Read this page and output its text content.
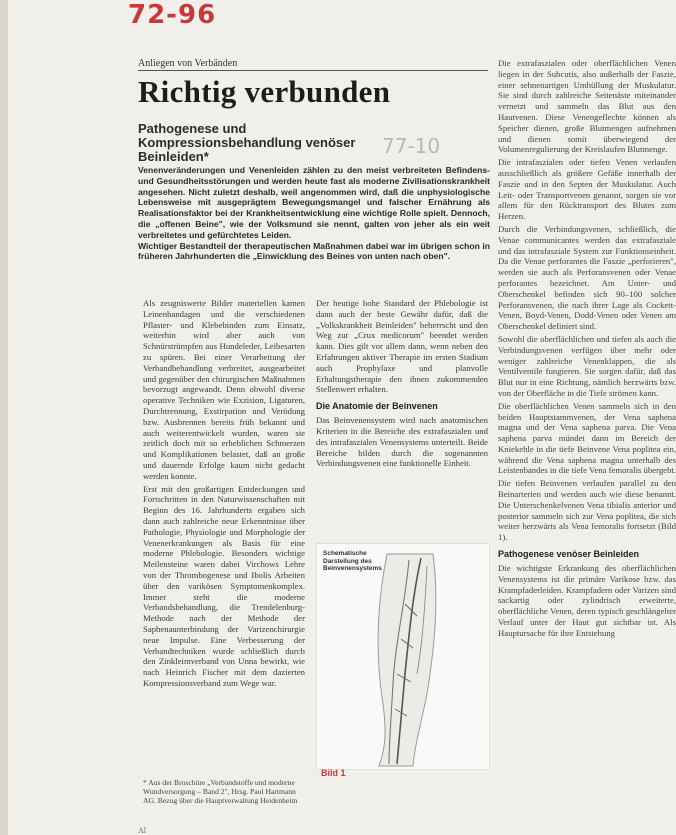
72-96
77-10
Anliegen von Verbänden
Richtig verbunden
Pathogenese und Kompressionsbehandlung venöser Beinleiden*

Venenveränderungen und Venenleiden zählen zu den meist verbreiteten Befindens- und Gesundheitsstörungen und werden heute fast als moderne Zivilisationskrankheit angesehen. Nicht zuletzt deshalb, weil angenommen wird, daß die unphysiologische Lebensweise mit ausgeprägtem Bewegungsmangel und falscher Ernährung als Realisationsfaktor bei der Krankheitsentwicklung eine wichtige Rolle spielt. Dennoch, die „offenen Beine", wie der Volksmund sie nennt, galten von jeher als ein weit verbreitetes und gefürchtetes Leiden.

Wichtiger Bestandteil der therapeutischen Maßnahmen dabei war im übrigen schon in früheren Jahrhunderten die „Einwicklung des Beines von unten nach oben".

Als zeugniswerte Bilder materiellen kamen Leinenbandagen und die verschiedenen Pflaster- und Klebebinden zum Einsatz, weiterhin wird aber auch von Schnürstrümpfen aus Hundeleder, Leibesarten zu spüren. Bei einer Verarbeitung der Verbandbehandlung verbreitet, ausgearbeitet und gegenüber den chirurgischen Maßnahmen bevorzugt angewandt. Denn obwohl diverse operative Techniken wie Exzision, Ligaturen, Durchtrennung, Exstirpation und Verödung bzw. Ausbrennen bereits früh bekannt und auch weiterentwickelt wurden, waren sie zeitlich doch mit so erheblichen Schmerzen und Komplikationen belastet, daß an große und dauernde Erfolge kaum nicht gedacht werden konnte.

Erst mit den großartigen Entdeckungen und Fortschritten in den Naturwissenschaften mit Beginn des 16. Jahrhunderts ergaben sich dann auch zahlreiche neue Erkenntnisse über Pathologie, Physiologie und Morphologie der Venenerkrankungen als Basis für eine moderne Phlebologie. Besonders wichtige Meilensteine waren dabei Virchows Lehre von der Thrombogenese und Ibolis Arbeiten über den varikösen Symptomenkomplex. Immer steht die moderne Verbandsbehandlung, die Trendelenburg-Methode nach der Methode der Saphenaunterbindung der Varizenchirurgie neue Impulse. Eine Verbesserung der Verbandtechniken wurde schließlich durch den Zinkleimverband von Unna bewirkt, wie nach Heinrich Fischer mit dem dazierten Kompressionsverband zum Wege war.

Der heutige hohe Standard der Phlebologie ist dann auch der beste Gewähr dafür, daß die „Volkskrankheit Beinleiden" beherrscht und den Weg zur „Crux medicorum" beendet werden kann. Dies gilt vor allem dann, wenn neben den Erfahrungen aktiver Therapie im ersten Stadium auch Prophylaxe und planvolle Erhaltungstherapie den ihnen zukommenden Stellenwert erhalten.

Die Anatomie der Beinvenen

Das Beinvenensystem wird nach anatomischen Kriterien in die Bereiche des extrafaszialen und des intrafaszialen Venensystems unterteilt. Beide Bereiche bilden durch die sogenannten Verbindungsvenen eine funktionelle Einheit.

Schematische Darstellung des Beinvenensystems
Bild 1
* Aus der Broschüre „Verbandstoffe und moderne Wundversorgung – Band 2", Hrsg. Paul Hartmann AG. Bezug über die Hauptverwaltung Heidenheim

Die extrafaszialen oder oberflächlichen Venen liegen in der Subcutis, also außerhalb der Faszie, einer sehnenartigen Umhüllung der Muskulatur. Sie sind durch zahlreiche Seitenäste miteinander vernetzt und sammeln das Blut aus den Hautvenen. Diese Venengeflechte können als Speicher dienen, große Blutmengen aufnehmen und dienen somit überwiegend der Volumenregulierung der Kreislaufen Blutmenge.

Die intrafaszialen oder tiefen Venen verlaufen ausschließlich als größere Gefäße innerhalb der Faszie und in den Septen der Muskulatur. Auch Leit- oder Transportvenen genannt, sorgen sie vor allem für den Rücktransport des Blutes zum Herzen.

Durch die Verbindungsvenen, schließlich, die Venae communicantes werden das extrafasziale und das intrafasziale System zur Funktionseinheit. Da die Venae perforantes die Faszie „perforieren", werden sie auch als Perforansvenen oder Venae perforantes bezeichnet. Am Unter- und Oberschenkel befinden sich 90–100 solcher Perforansvenen, die nach ihrer Lage als Cockett-Venen, Boyd-Venen, Dodd-Venen oder Venen am Oberschenkel definiert sind.

Sowohl die oberflächlichen und tiefen als auch die Verbindungsvenen verfügen über mehr oder weniger zahlreiche Venenklappen, die als Ventilventile fungieren. Sie sorgen dafür, daß das Blut nur in eine Richtung, nämlich herzwärts bzw. von der Oberfläche in die Tiefe strömen kann.

Die oberflächlichen Venen sammeln sich in den beiden Hauptstammvenen, der Vena saphena magna und der Vena saphena parva. Die Vena saphena parva mündet dann im Bereich der Kniekehle in die tiefe Beinvene Vena poplitea ein, während die Vena saphena magna unterhalb des Leistenbandes in die tiefe Vena femoralis übergeht.

Die tiefen Beinvenen verlaufen parallel zu den Beinarterien und werden auch wie diese benannt. Die Unterschenkelvenen Vena tibialis anterior und posterior sammeln sich zur Vena poplitea, die sich weiter herzwärts als Vena femoralis fortsetzt (Bild 1).

Pathogenese venöser Beinleiden

Die wichtigste Erkrankung des oberflächlichen Venensystems ist die primäre Varikose bzw. das Krampfaderleiden. Krampfadern oder Varizen sind sackartig oder zylindrisch erweiterte, oberflächliche Venen, deren typisch geschlängelter Verlauf unter der Haut gut sichtbar ist. Als Hauptursache für ihre Entstehung

Al
